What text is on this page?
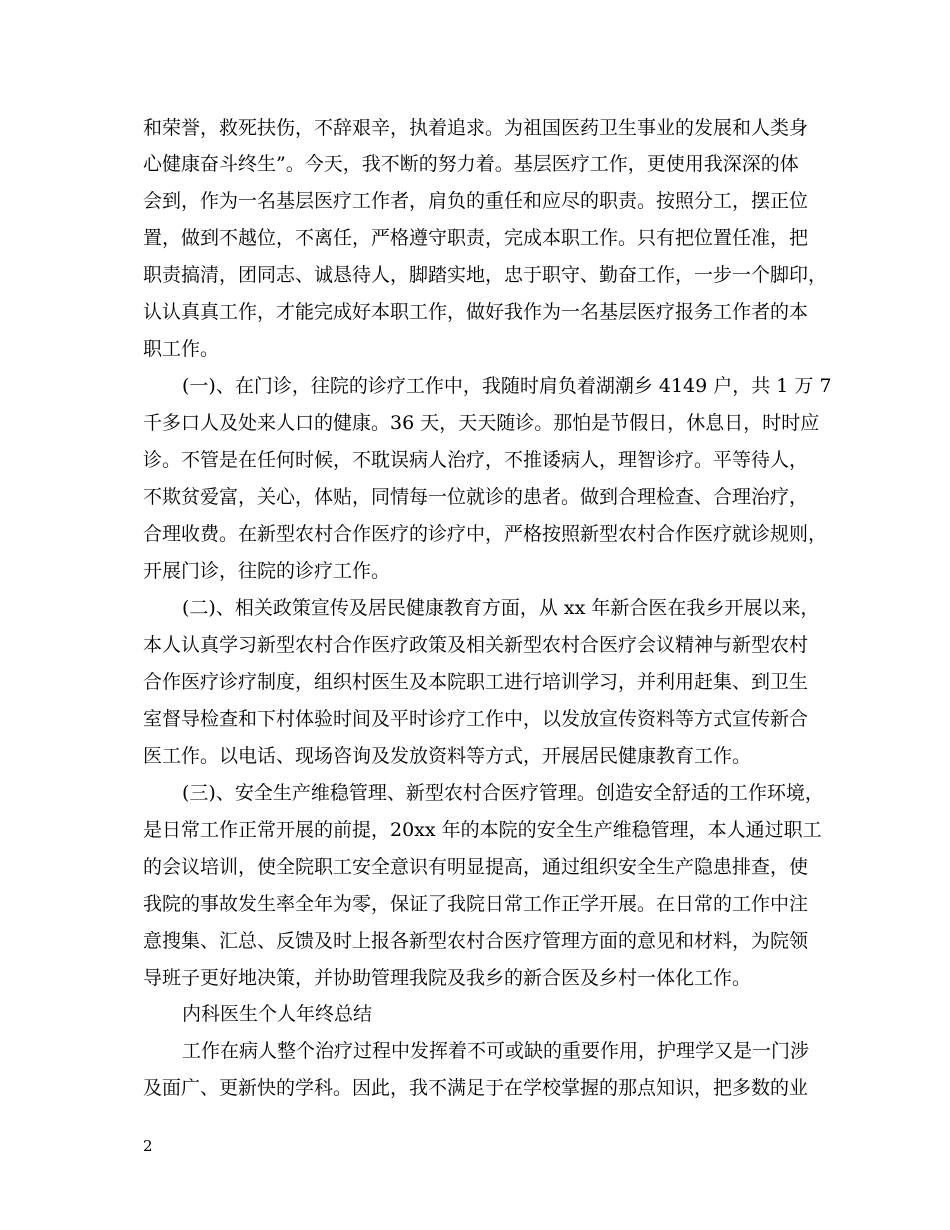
和荣誉，救死扶伤，不辞艰辛，执着追求。为祖国医药卫生事业的发展和人类身
心健康奋斗终生”。今天，我不断的努力着。基层医疗工作，更使用我深深的体
会到，作为一名基层医疗工作者，肩负的重任和应尽的职责。按照分工，摆正位
置，做到不越位，不离任，严格遵守职责，完成本职工作。只有把位置任准，把
职责搞清，团同志、诚恳待人，脚踏实地，忠于职守、勤奋工作，一步一个脚印，
认认真真工作，才能完成好本职工作，做好我作为一名基层医疗报务工作者的本
职工作。
(一)、在门诊，往院的诊疗工作中，我随时肩负着湖潮乡 4149 户，共 1 万 7
千多口人及处来人口的健康。36 天，天天随诊。那怕是节假日，休息日，时时应
诊。不管是在任何时候，不耽误病人治疗，不推诿病人，理智诊疗。平等待人，
不欺贫爱富，关心，体贴，同情每一位就诊的患者。做到合理检查、合理治疗，
合理收费。在新型农村合作医疗的诊疗中，严格按照新型农村合作医疗就诊规则，
开展门诊，往院的诊疗工作。
(二)、相关政策宣传及居民健康教育方面，从 xx 年新合医在我乡开展以来，
本人认真学习新型农村合作医疗政策及相关新型农村合医疗会议精神与新型农村
合作医疗诊疗制度，组织村医生及本院职工进行培训学习，并利用赶集、到卫生
室督导检查和下村体验时间及平时诊疗工作中，以发放宣传资料等方式宣传新合
医工作。以电话、现场咨询及发放资料等方式，开展居民健康教育工作。
(三)、安全生产维稳管理、新型农村合医疗管理。创造安全舒适的工作环境，
是日常工作正常开展的前提，20xx 年的本院的安全生产维稳管理，本人通过职工
的会议培训，使全院职工安全意识有明显提高，通过组织安全生产隐患排查，使
我院的事故发生率全年为零，保证了我院日常工作正学开展。在日常的工作中注
意搜集、汇总、反馈及时上报各新型农村合医疗管理方面的意见和材料，为院领
导班子更好地决策，并协助管理我院及我乡的新合医及乡村一体化工作。
内科医生个人年终总结
工作在病人整个治疗过程中发挥着不可或缺的重要作用，护理学又是一门涉
及面广、更新快的学科。因此，我不满足于在学校掌握的那点知识，把多数的业
2
